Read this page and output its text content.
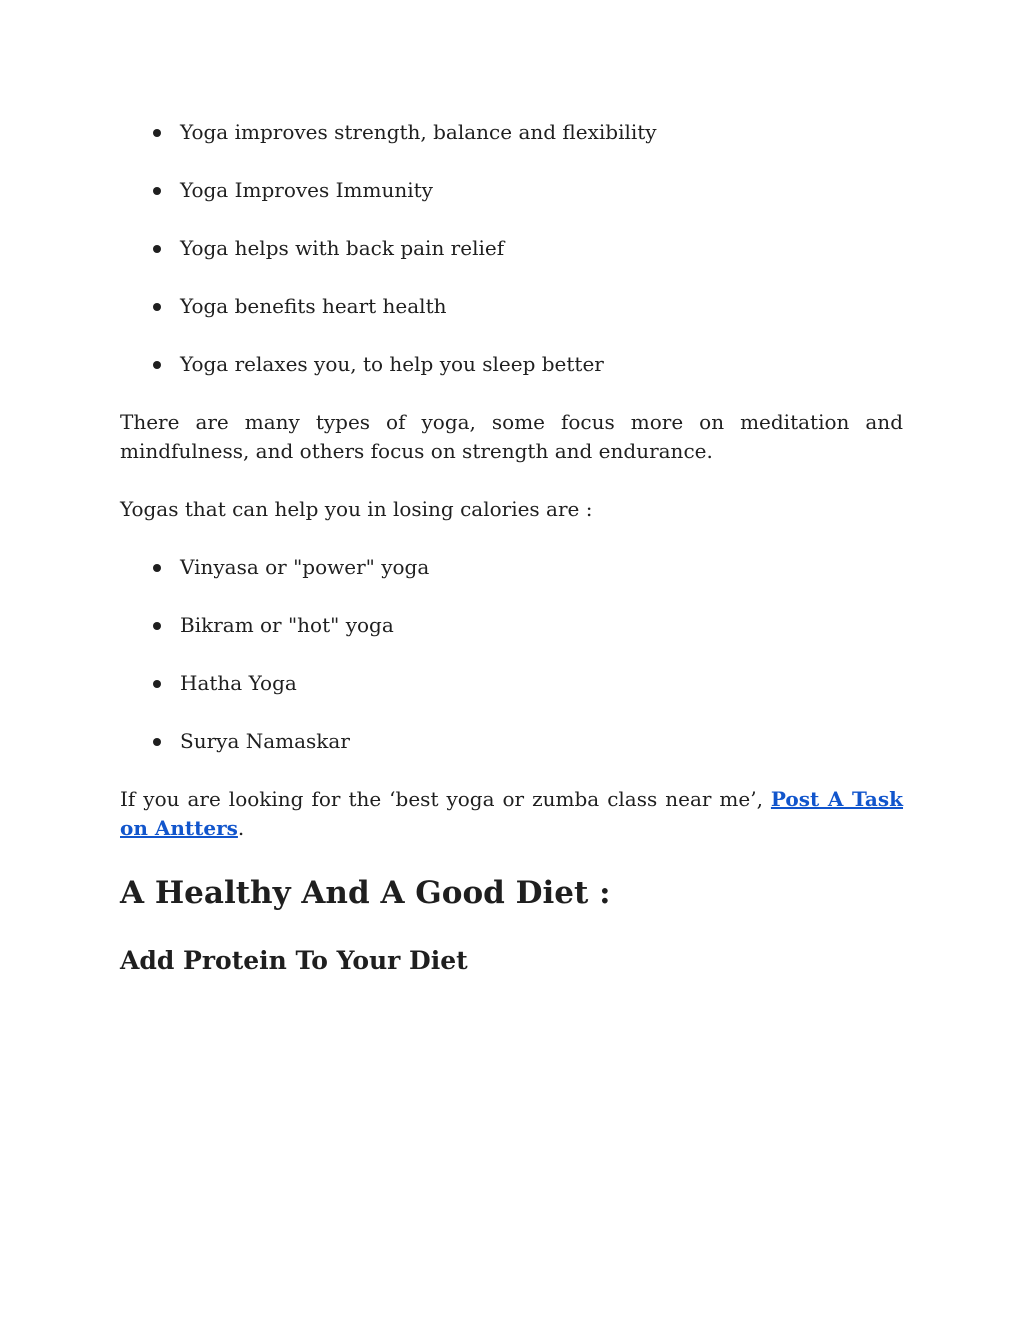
Yoga improves strength, balance and flexibility
Yoga Improves Immunity
Yoga helps with back pain relief
Yoga benefits heart health
Yoga relaxes you, to help you sleep better

There are many types of yoga, some focus more on meditation and mindfulness, and others focus on strength and endurance.

Yogas that can help you in losing calories are :

Vinyasa or "power" yoga
Bikram or "hot" yoga
Hatha Yoga
Surya Namaskar

If you are looking for the ‘best yoga or zumba class near me’, Post A Task on Antters.

A Healthy And A Good Diet :
Add Protein To Your Diet
